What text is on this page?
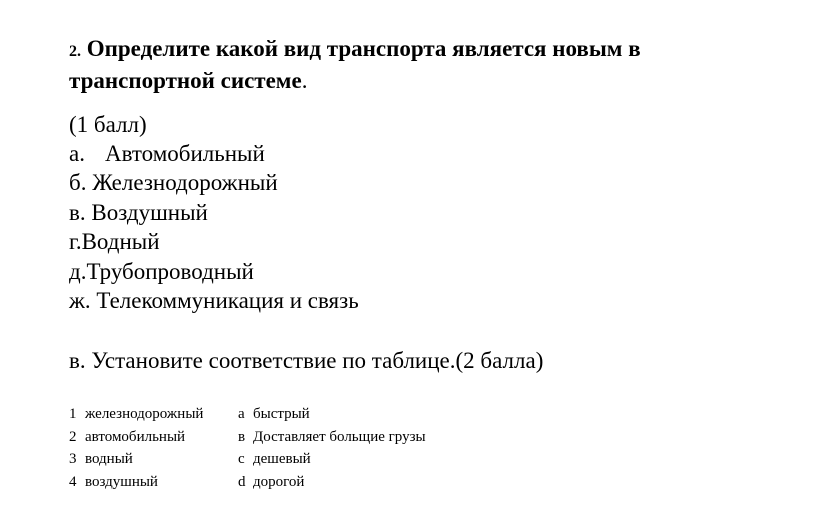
2. Определите какой вид транспорта является новым в транспортной системе.
(1 балл)
а. Автомобильный
б. Железнодорожный
в. Воздушный
г.Водный
д.Трубопроводный
ж. Телекоммуникация и связь
в. Установите соответствие по таблице.(2 балла)
1	железнодорожный	а	быстрый
2	автомобильный	в	Доставляет больщие грузы
3	водный	с	дешевый
4	воздушный	d	дорогой
